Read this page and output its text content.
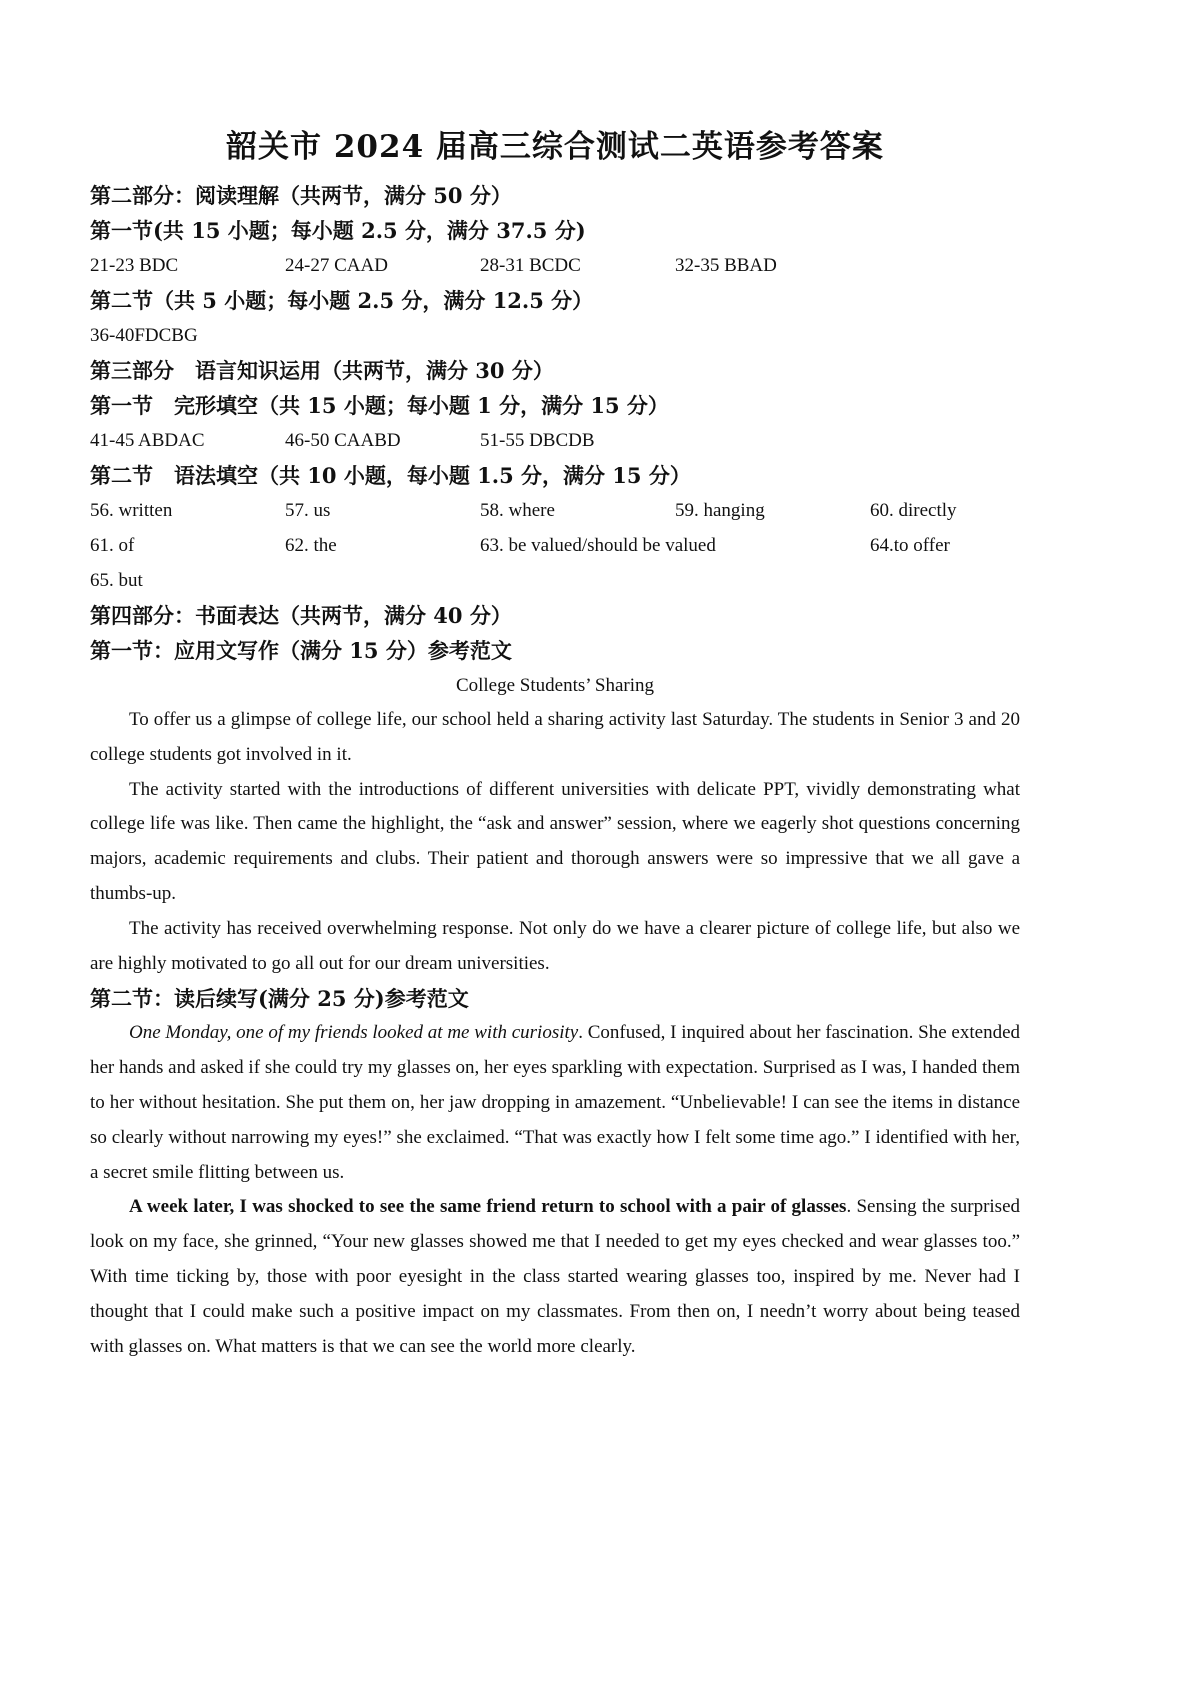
韶关市 2024 届高三综合测试二英语参考答案
第二部分：阅读理解（共两节，满分 50 分）
第一节(共 15 小题；每小题 2.5 分，满分 37.5 分)
21-23 BDC	24-27 CAAD	28-31 BCDC	32-35 BBAD
第二节（共 5 小题；每小题 2.5 分，满分 12.5 分）
36-40FDCBG
第三部分　语言知识运用（共两节，满分 30 分）
第一节　完形填空（共 15 小题；每小题 1 分，满分 15 分）
41-45 ABDAC	46-50 CAABD	51-55 DBCDB
第二节　语法填空（共 10 小题，每小题 1.5 分，满分 15 分）
56. written	57. us	58. where	59. hanging	60. directly
61. of	62. the	63. be valued/should be valued	64.to offer
65. but
第四部分：书面表达（共两节，满分 40 分）
第一节：应用文写作（满分 15 分）参考范文
College Students’ Sharing

To offer us a glimpse of college life, our school held a sharing activity last Saturday. The students in Senior 3 and 20 college students got involved in it.

The activity started with the introductions of different universities with delicate PPT, vividly demonstrating what college life was like. Then came the highlight, the “ask and answer” session, where we eagerly shot questions concerning majors, academic requirements and clubs. Their patient and thorough answers were so impressive that we all gave a thumbs-up.

The activity has received overwhelming response. Not only do we have a clearer picture of college life, but also we are highly motivated to go all out for our dream universities.

第二节：读后续写(满分 25 分)参考范文

One Monday, one of my friends looked at me with curiosity. Confused, I inquired about her fascination. She extended her hands and asked if she could try my glasses on, her eyes sparkling with expectation. Surprised as I was, I handed them to her without hesitation. She put them on, her jaw dropping in amazement. “Unbelievable! I can see the items in distance so clearly without narrowing my eyes!” she exclaimed. “That was exactly how I felt some time ago.” I identified with her, a secret smile flitting between us.

A week later, I was shocked to see the same friend return to school with a pair of glasses. Sensing the surprised look on my face, she grinned, “Your new glasses showed me that I needed to get my eyes checked and wear glasses too.” With time ticking by, those with poor eyesight in the class started wearing glasses too, inspired by me. Never had I thought that I could make such a positive impact on my classmates. From then on, I needn’t worry about being teased with glasses on. What matters is that we can see the world more clearly.
